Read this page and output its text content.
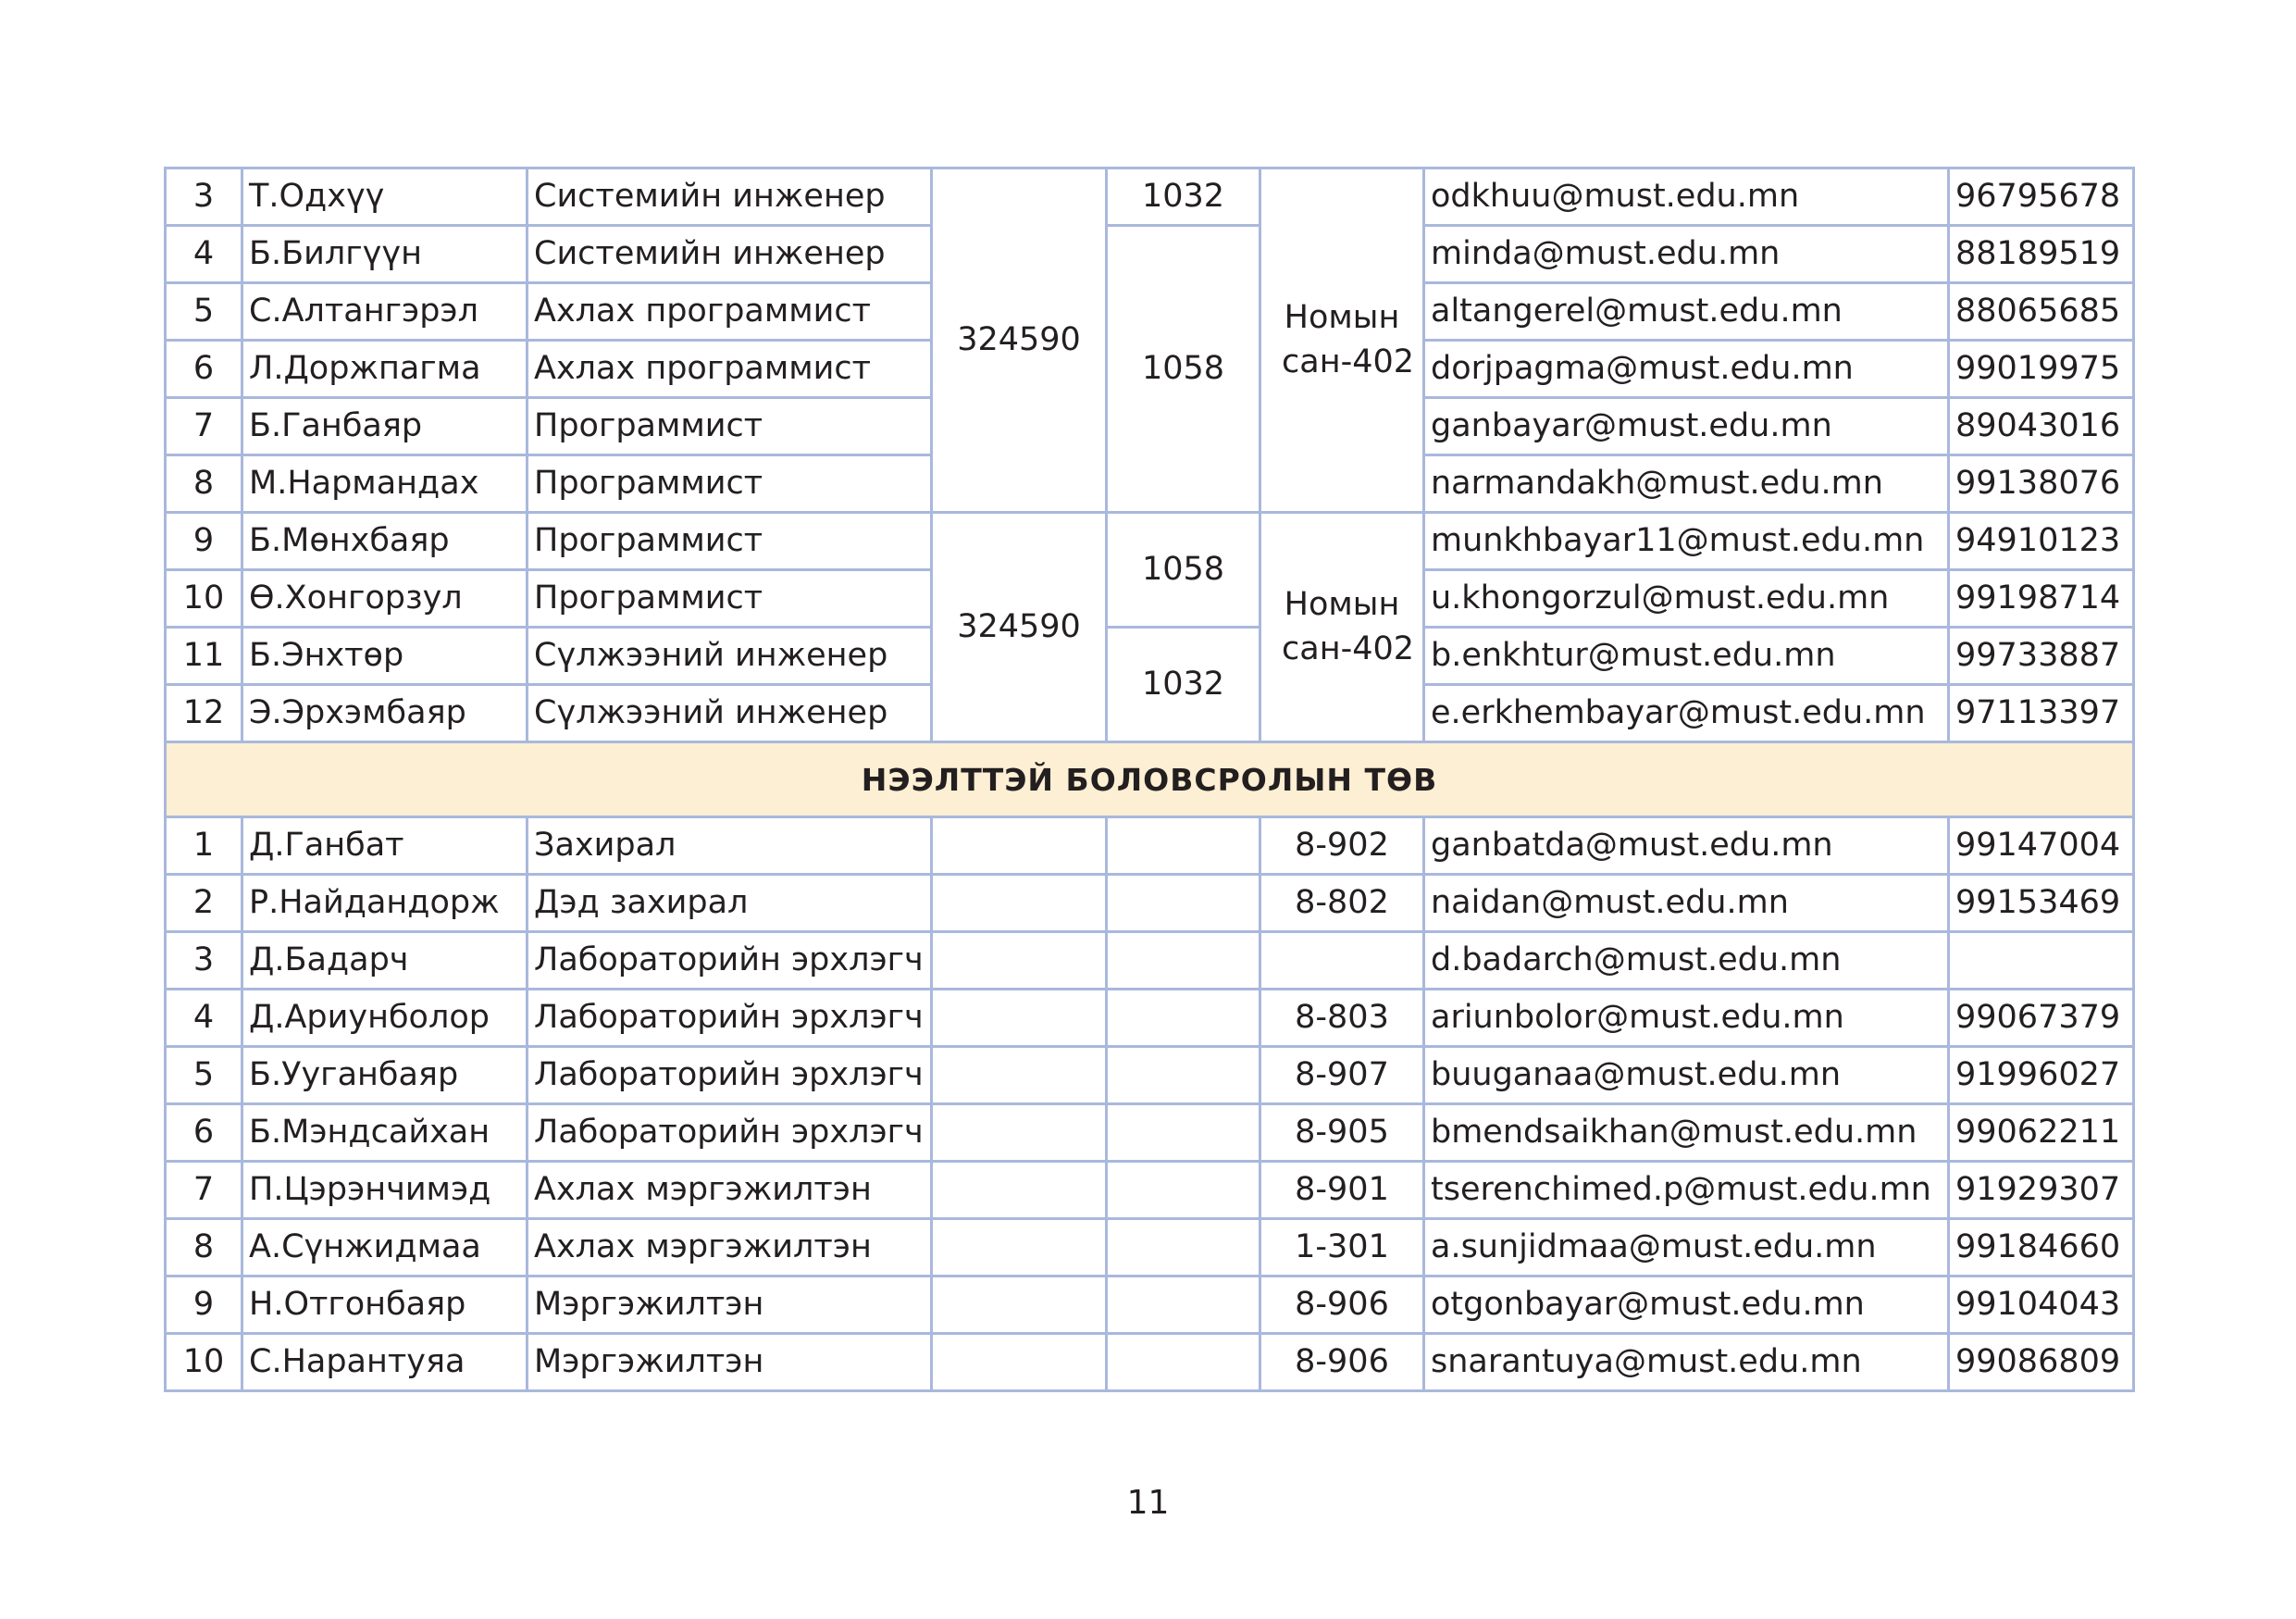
3	Т.Одхүү	Системийн инженер	324590	1032	Номын сан-402	odkhuu@must.edu.mn	96795678
4	Б.Билгүүн	Системийн инженер		1058		minda@must.edu.mn	88189519
5	С.Алтангэрэл	Ахлах программист				altangerel@must.edu.mn	88065685
6	Л.Доржпагма	Ахлах программист				dorjpagma@must.edu.mn	99019975
7	Б.Ганбаяр	Программист				ganbayar@must.edu.mn	89043016
8	М.Нармандах	Программист				narmandakh@must.edu.mn	99138076
9	Б.Мөнхбаяр	Программист	324590	1058	Номын сан-402	munkhbayar11@must.edu.mn	94910123
10	Ө.Хонгорзул	Программист				u.khongorzul@must.edu.mn	99198714
11	Б.Энхтөр	Сүлжээний инженер		1032		b.enkhtur@must.edu.mn	99733887
12	Э.Эрхэмбаяр	Сүлжээний инженер				e.erkhembayar@must.edu.mn	97113397
НЭЭЛТТЭЙ БОЛОВСРОЛЫН ТӨВ							
1	Д.Ганбат	Захирал			8-902	ganbatda@must.edu.mn	99147004
2	Р.Найдандорж	Дэд захирал			8-802	naidan@must.edu.mn	99153469
3	Д.Бадарч	Лабораторийн эрхлэгч				d.badarch@must.edu.mn	
4	Д.Ариунболор	Лабораторийн эрхлэгч			8-803	ariunbolor@must.edu.mn	99067379
5	Б.Ууганбаяр	Лабораторийн эрхлэгч			8-907	buuganaa@must.edu.mn	91996027
6	Б.Мэндсайхан	Лабораторийн эрхлэгч			8-905	bmendsaikhan@must.edu.mn	99062211
7	П.Цэрэнчимэд	Ахлах мэргэжилтэн			8-901	tserenchimed.p@must.edu.mn	91929307
8	А.Сүнжидмаа	Ахлах мэргэжилтэн			1-301	a.sunjidmaa@must.edu.mn	99184660
9	Н.Отгонбаяр	Мэргэжилтэн			8-906	otgonbayar@must.edu.mn	99104043
10	С.Нарантуяа	Мэргэжилтэн			8-906	snarantuya@must.edu.mn	99086809
11
